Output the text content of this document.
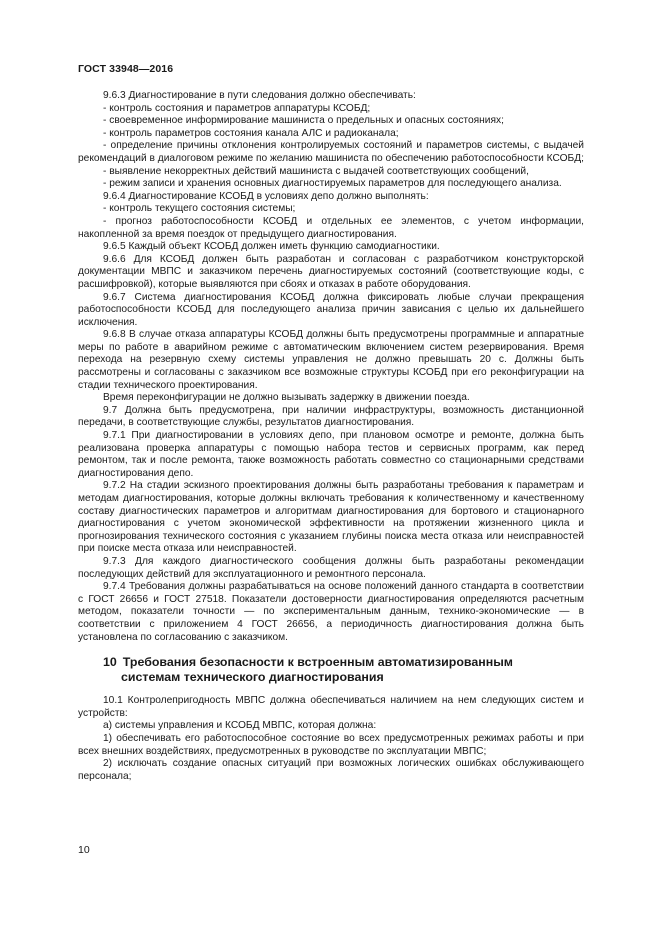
ГОСТ 33948—2016

9.6.3 Диагностирование в пути следования должно обеспечивать:

- контроль состояния и параметров аппаратуры КСОБД;

- своевременное информирование машиниста о предельных и опасных состояниях;

- контроль параметров состояния канала АЛС и радиоканала;

- определение причины отклонения контролируемых состояний и параметров системы, с выдачей рекомендаций в диалоговом режиме по желанию машиниста по обеспечению работоспособности КСОБД;

- выявление некорректных действий машиниста с выдачей соответствующих сообщений,

- режим записи и хранения основных диагностируемых параметров для последующего анализа.

9.6.4 Диагностирование КСОБД в условиях депо должно выполнять:

- контроль текущего состояния системы;

- прогноз работоспособности КСОБД и отдельных ее элементов, с учетом информации, накопленной за время поездок от предыдущего диагностирования.

9.6.5 Каждый объект КСОБД должен иметь функцию самодиагностики.

9.6.6 Для КСОБД должен быть разработан и согласован с разработчиком конструкторской документации МВПС и заказчиком перечень диагностируемых состояний (соответствующие коды, с расшифровкой), которые выявляются при сбоях и отказах в работе оборудования.

9.6.7 Система диагностирования КСОБД должна фиксировать любые случаи прекращения работоспособности КСОБД для последующего анализа причин зависания с целью их дальнейшего исключения.

9.6.8 В случае отказа аппаратуры КСОБД должны быть предусмотрены программные и аппаратные меры по работе в аварийном режиме с автоматическим включением систем резервирования. Время перехода на резервную схему системы управления не должно превышать 20 с. Должны быть рассмотрены и согласованы с заказчиком все возможные структуры КСОБД при его реконфигурации на стадии технического проектирования.

Время переконфигурации не должно вызывать задержку в движении поезда.

9.7 Должна быть предусмотрена, при наличии инфраструктуры, возможность дистанционной передачи, в соответствующие службы, результатов диагностирования.

9.7.1 При диагностировании в условиях депо, при плановом осмотре и ремонте, должна быть реализована проверка аппаратуры с помощью набора тестов и сервисных программ, как перед ремонтом, так и после ремонта, также возможность работать совместно со стационарными средствами диагностирования депо.

9.7.2 На стадии эскизного проектирования должны быть разработаны требования к параметрам и методам диагностирования, которые должны включать требования к количественному и качественному составу диагностических параметров и алгоритмам диагностирования для бортового и стационарного диагностирования с учетом экономической эффективности на протяжении жизненного цикла и прогнозирования технического состояния с указанием глубины поиска места отказа или неисправностей при поиске места отказа или неисправностей.

9.7.3 Для каждого диагностического сообщения должны быть разработаны рекомендации последующих действий для эксплуатационного и ремонтного персонала.

9.7.4 Требования должны разрабатываться на основе положений данного стандарта в соответствии с ГОСТ 26656 и ГОСТ 27518. Показатели достоверности диагностирования определяются расчетным методом, показатели точности — по экспериментальным данным, технико-экономические — в соответствии с приложением 4 ГОСТ 26656, а периодичность диагностирования должна быть установлена по согласованию с заказчиком.

10 Требования безопасности к встроенным автоматизированным
системам технического диагностирования

10.1 Контролепригодность МВПС должна обеспечиваться наличием на нем следующих систем и устройств:

а) системы управления и КСОБД МВПС, которая должна:

1) обеспечивать его работоспособное состояние во всех предусмотренных режимах работы и при всех внешних воздействиях, предусмотренных в руководстве по эксплуатации МВПС;

2) исключать создание опасных ситуаций при возможных логических ошибках обслуживающего персонала;

10
